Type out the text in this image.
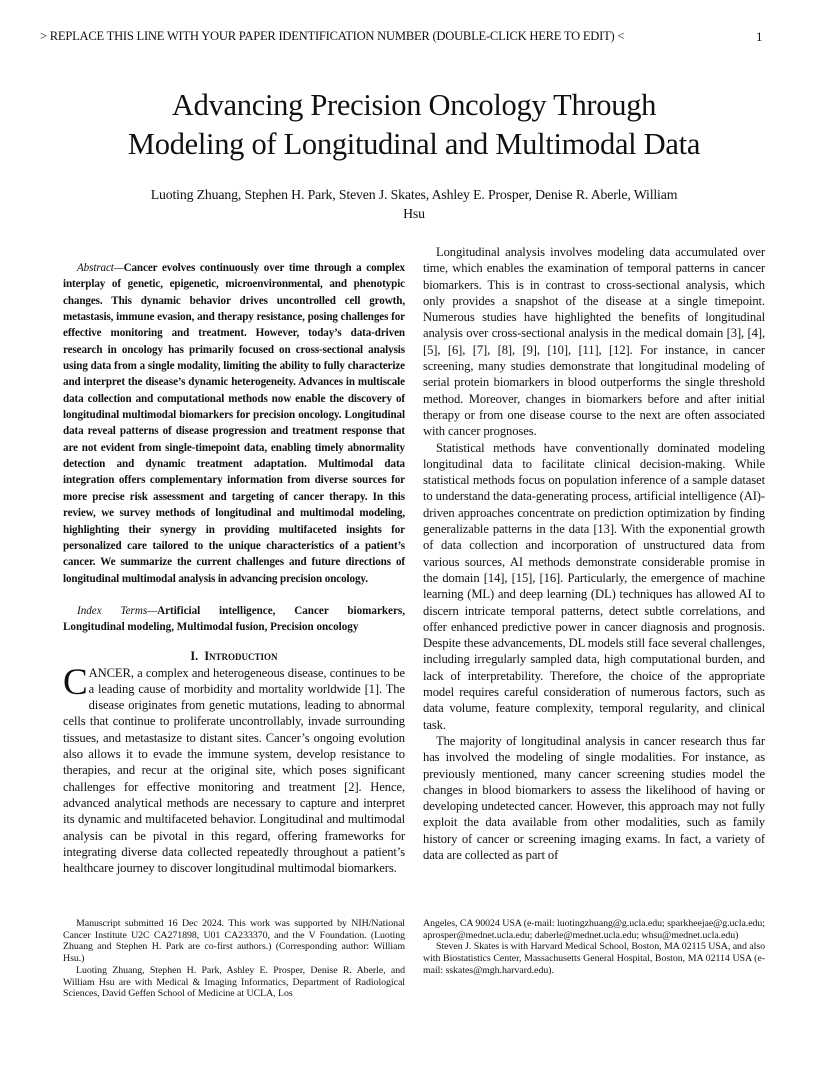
> REPLACE THIS LINE WITH YOUR PAPER IDENTIFICATION NUMBER (DOUBLE-CLICK HERE TO EDIT) <	1
Advancing Precision Oncology Through
Modeling of Longitudinal and Multimodal Data
Luoting Zhuang, Stephen H. Park, Steven J. Skates, Ashley E. Prosper, Denise R. Aberle, William
Hsu

Abstract—Cancer evolves continuously over time through a complex interplay of genetic, epigenetic, microenvironmental, and phenotypic changes. This dynamic behavior drives uncontrolled cell growth, metastasis, immune evasion, and therapy resistance, posing challenges for effective monitoring and treatment. However, today’s data-driven research in oncology has primarily focused on cross-sectional analysis using data from a single modality, limiting the ability to fully characterize and interpret the disease’s dynamic heterogeneity. Advances in multiscale data collection and computational methods now enable the discovery of longitudinal multimodal biomarkers for precision oncology. Longitudinal data reveal patterns of disease progression and treatment response that are not evident from single-timepoint data, enabling timely abnormality detection and dynamic treatment adaptation. Multimodal data integration offers complementary information from diverse sources for more precise risk assessment and targeting of cancer therapy. In this review, we survey methods of longitudinal and multimodal modeling, highlighting their synergy in providing multifaceted insights for personalized care tailored to the unique characteristics of a patient’s cancer. We summarize the current challenges and future directions of longitudinal multimodal analysis in advancing precision oncology.

Index Terms—Artificial intelligence, Cancer biomarkers, Longitudinal modeling, Multimodal fusion, Precision oncology

I. Introduction

CANCER, a complex and heterogeneous disease, continues to be a leading cause of morbidity and mortality worldwide [1]. The disease originates from genetic mutations, leading to abnormal cells that continue to proliferate uncontrollably, invade surrounding tissues, and metastasize to distant sites. Cancer’s ongoing evolution also allows it to evade the immune system, develop resistance to therapies, and recur at the original site, which poses significant challenges for effective monitoring and treatment [2]. Hence, advanced analytical methods are necessary to capture and interpret its dynamic and multifaceted behavior. Longitudinal and multimodal analysis can be pivotal in this regard, offering frameworks for integrating diverse data collected repeatedly throughout a patient’s healthcare journey to discover longitudinal multimodal biomarkers.

Longitudinal analysis involves modeling data accumulated over time, which enables the examination of temporal patterns in cancer biomarkers. This is in contrast to cross-sectional analysis, which only provides a snapshot of the disease at a single timepoint. Numerous studies have highlighted the benefits of longitudinal analysis over cross-sectional analysis in the medical domain [3], [4], [5], [6], [7], [8], [9], [10], [11], [12]. For instance, in cancer screening, many studies demonstrate that longitudinal modeling of serial protein biomarkers in blood outperforms the single threshold method. Moreover, changes in biomarkers before and after initial therapy or from one disease course to the next are often associated with cancer prognoses.

Statistical methods have conventionally dominated modeling longitudinal data to facilitate clinical decision-making. While statistical methods focus on population inference of a sample dataset to understand the data-generating process, artificial intelligence (AI)-driven approaches concentrate on prediction optimization by finding generalizable patterns in the data [13]. With the exponential growth of data collection and incorporation of unstructured data from various sources, AI methods demonstrate considerable promise in the domain [14], [15], [16]. Particularly, the emergence of machine learning (ML) and deep learning (DL) techniques has allowed AI to discern intricate temporal patterns, detect subtle correlations, and offer enhanced predictive power in cancer diagnosis and prognosis. Despite these advancements, DL models still face several challenges, including irregularly sampled data, high computational burden, and lack of interpretability. Therefore, the choice of the appropriate model requires careful consideration of numerous factors, such as data volume, feature complexity, temporal regularity, and clinical task.

The majority of longitudinal analysis in cancer research thus far has involved the modeling of single modalities. For instance, as previously mentioned, many cancer screening studies model the changes in blood biomarkers to assess the likelihood of having or developing undetected cancer. However, this approach may not fully exploit the data available from other modalities, such as family history of cancer or screening imaging exams. In fact, a variety of data are collected as part of

Manuscript submitted 16 Dec 2024. This work was supported by NIH/National Cancer Institute U2C CA271898, U01 CA233370, and the V Foundation. (Luoting Zhuang and Stephen H. Park are co-first authors.) (Corresponding author: William Hsu.)

Luoting Zhuang, Stephen H. Park, Ashley E. Prosper, Denise R. Aberle, and William Hsu are with Medical & Imaging Informatics, Department of Radiological Sciences, David Geffen School of Medicine at UCLA, Los

Angeles, CA 90024 USA (e-mail: luotingzhuang@g.ucla.edu; sparkheejae@g.ucla.edu; aprosper@mednet.ucla.edu; daberle@mednet.ucla.edu; whsu@mednet.ucla.edu)

Steven J. Skates is with Harvard Medical School, Boston, MA 02115 USA, and also with Biostatistics Center, Massachusetts General Hospital, Boston, MA 02114 USA (e-mail: sskates@mgh.harvard.edu).
